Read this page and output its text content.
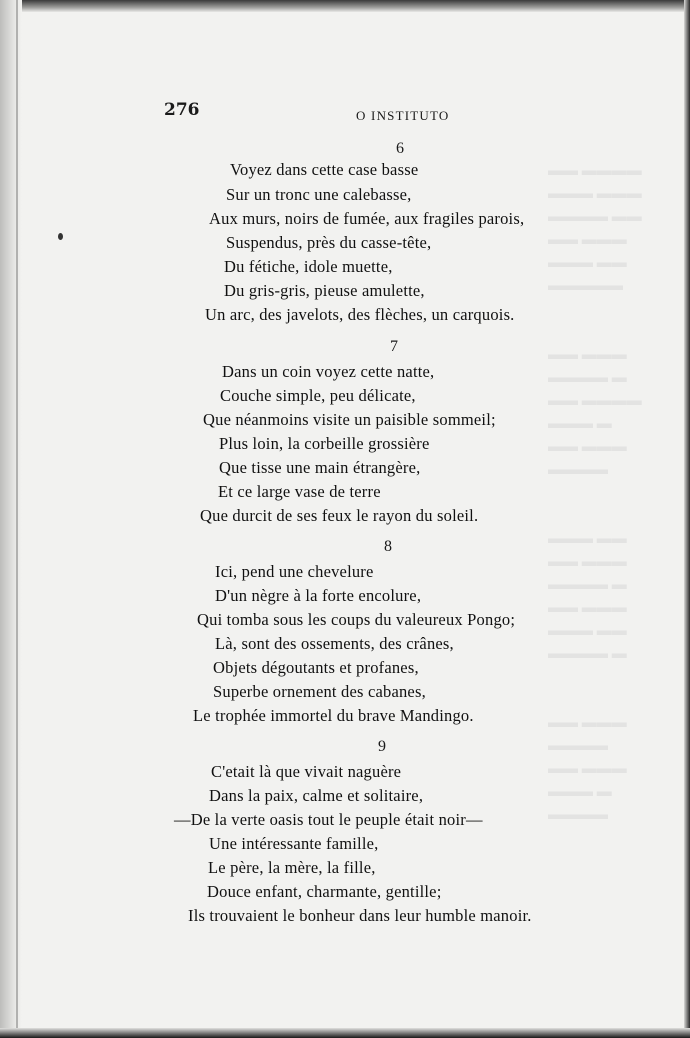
▬▬ ▬▬▬▬
▬▬▬ ▬▬▬
▬▬▬▬ ▬▬
▬▬ ▬▬▬
▬▬▬ ▬▬
▬▬▬▬▬

▬▬ ▬▬▬
▬▬▬▬ ▬
▬▬ ▬▬▬▬
▬▬▬ ▬
▬▬ ▬▬▬
▬▬▬▬

▬▬▬ ▬▬
▬▬ ▬▬▬
▬▬▬▬ ▬
▬▬ ▬▬▬
▬▬▬ ▬▬
▬▬▬▬ ▬

▬▬ ▬▬▬
▬▬▬▬
▬▬ ▬▬▬
▬▬▬ ▬
▬▬▬▬
276	O INSTITUTO
6
Voyez dans cette case basse
Sur un tronc une calebasse,
Aux murs, noirs de fumée, aux fragiles parois,
Suspendus, près du casse-tête,
Du fétiche, idole muette,
Du gris-gris, pieuse amulette,
Un arc, des javelots, des flèches, un carquois.
7
Dans un coin voyez cette natte,
Couche simple, peu délicate,
Que néanmoins visite un paisible sommeil;
Plus loin, la corbeille grossière
Que tisse une main étrangère,
Et ce large vase de terre
Que durcit de ses feux le rayon du soleil.
8
Ici, pend une chevelure
D'un nègre à la forte encolure,
Qui tomba sous les coups du valeureux Pongo;
Là, sont des ossements, des crânes,
Objets dégoutants et profanes,
Superbe ornement des cabanes,
Le trophée immortel du brave Mandingo.
9
C'etait là que vivait naguère
Dans la paix, calme et solitaire,
—De la verte oasis tout le peuple était noir—
Une intéressante famille,
Le père, la mère, la fille,
Douce enfant, charmante, gentille;
Ils trouvaient le bonheur dans leur humble manoir.
